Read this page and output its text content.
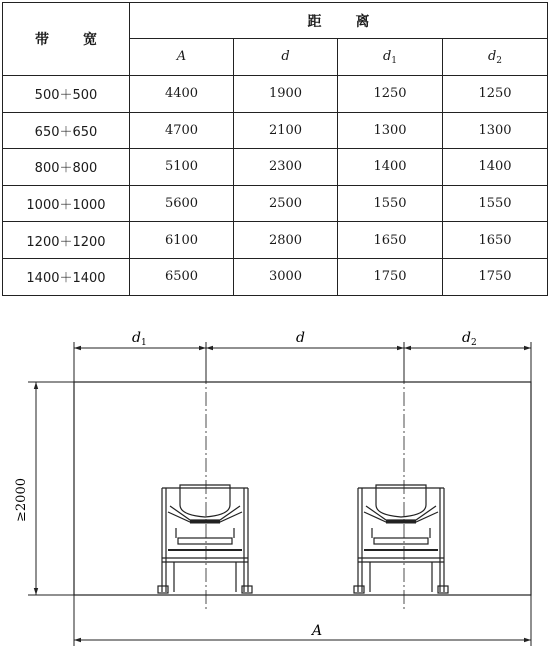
带 宽	距 离			
	A	d	$d_1$	$d_2$
500＋500	4400	1900	1250	1250
650＋650	4700	2100	1300	1300
800＋800	5100	2300	1400	1400
1000＋1000	5600	2500	1550	1550
1200＋1200	6100	2800	1650	1650
1400＋1400	6500	3000	1750	1750
$d_1$	d	$d_2$
A
≥2000
